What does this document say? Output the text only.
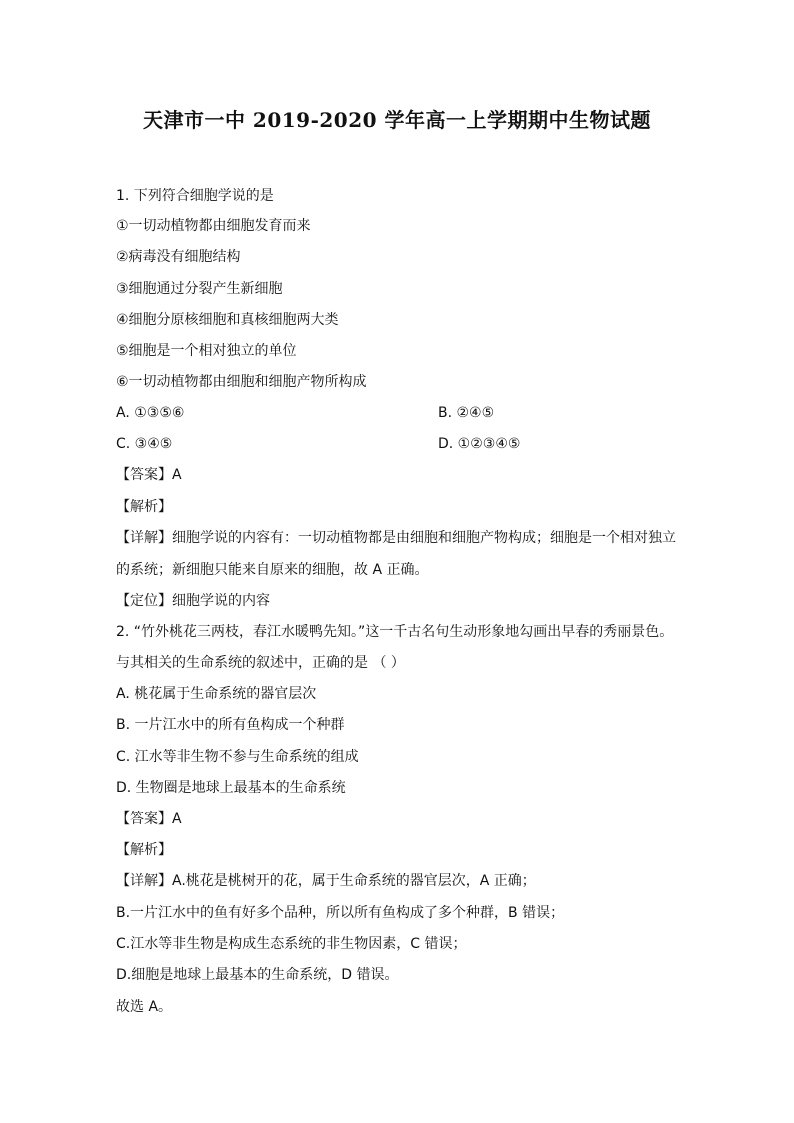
天津市一中 2019-2020 学年高一上学期期中生物试题
1. 下列符合细胞学说的是
①一切动植物都由细胞发育而来
②病毒没有细胞结构
③细胞通过分裂产生新细胞
④细胞分原核细胞和真核细胞两大类
⑤细胞是一个相对独立的单位
⑥一切动植物都由细胞和细胞产物所构成
A. ①③⑤⑥	B. ②④⑤
C. ③④⑤	D. ①②③④⑤
【答案】A
【解析】
【详解】细胞学说的内容有：一切动植物都是由细胞和细胞产物构成；细胞是一个相对独立
的系统；新细胞只能来自原来的细胞，故 A 正确。
【定位】细胞学说的内容
2. “竹外桃花三两枝，春江水暖鸭先知。”这一千古名句生动形象地勾画出早春的秀丽景色。
与其相关的生命系统的叙述中，正确的是 （ ）
A. 桃花属于生命系统的器官层次
B. 一片江水中的所有鱼构成一个种群
C. 江水等非生物不参与生命系统的组成
D. 生物圈是地球上最基本的生命系统
【答案】A
【解析】
【详解】A.桃花是桃树开的花，属于生命系统的器官层次，A 正确；
B.一片江水中的鱼有好多个品种，所以所有鱼构成了多个种群，B 错误；
C.江水等非生物是构成生态系统的非生物因素，C 错误；
D.细胞是地球上最基本的生命系统，D 错误。
故选 A。
